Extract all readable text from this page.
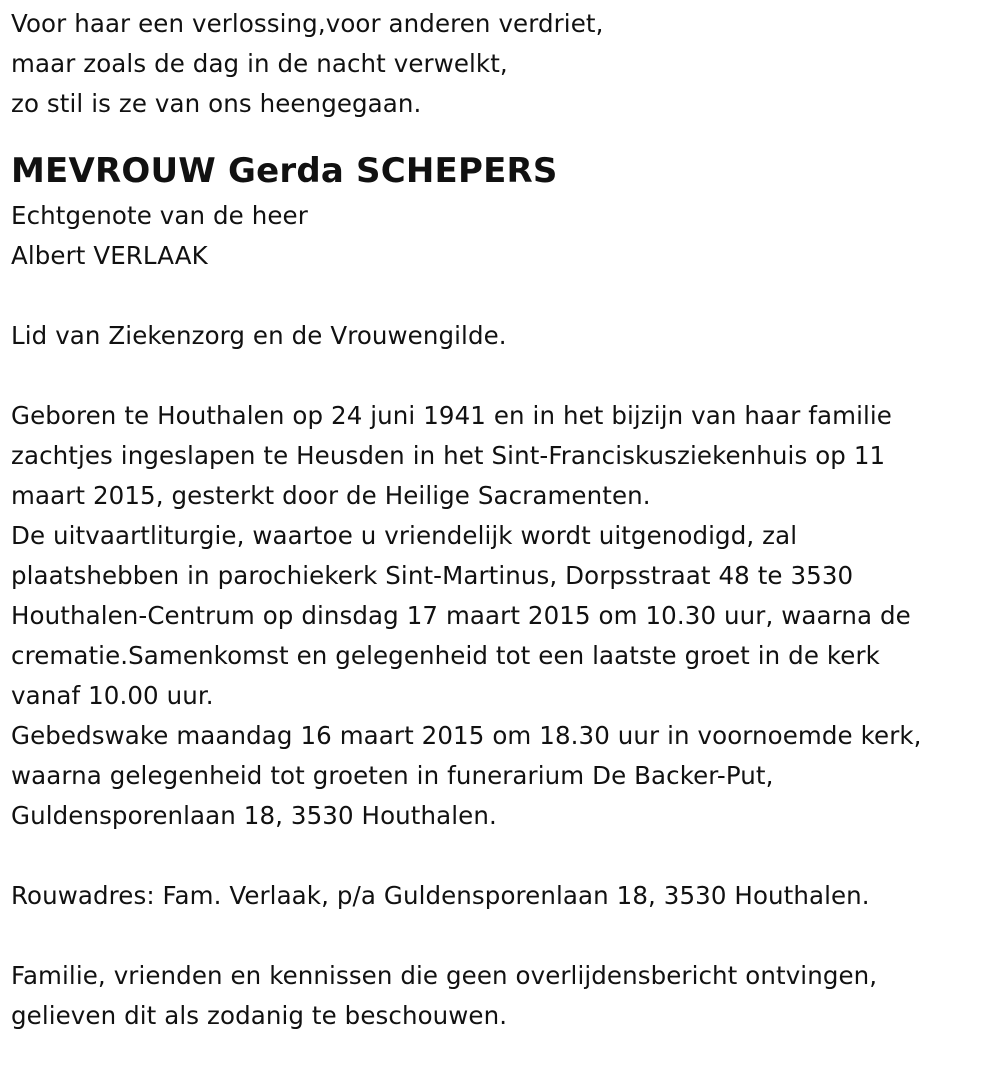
Voor haar een verlossing,voor anderen verdriet,
maar zoals de dag in de nacht verwelkt,
zo stil is ze van ons heengegaan.
MEVROUW Gerda SCHEPERS
Echtgenote van de heer
Albert VERLAAK
Lid van Ziekenzorg en de Vrouwengilde.
Geboren te Houthalen op 24 juni 1941 en in het bijzijn van haar familie
zachtjes ingeslapen te Heusden in het Sint-Franciskusziekenhuis op 11
maart 2015, gesterkt door de Heilige Sacramenten.
De uitvaartliturgie, waartoe u vriendelijk wordt uitgenodigd, zal
plaatshebben in parochiekerk Sint-Martinus, Dorpsstraat 48 te 3530
Houthalen-Centrum op dinsdag 17 maart 2015 om 10.30 uur, waarna de
crematie.Samenkomst en gelegenheid tot een laatste groet in de kerk
vanaf 10.00 uur.
Gebedswake maandag 16 maart 2015 om 18.30 uur in voornoemde kerk,
waarna gelegenheid tot groeten in funerarium De Backer-Put,
Guldensporenlaan 18, 3530 Houthalen.
Rouwadres: Fam. Verlaak, p/a Guldensporenlaan 18, 3530 Houthalen.
Familie, vrienden en kennissen die geen overlijdensbericht ontvingen,
gelieven dit als zodanig te beschouwen.
